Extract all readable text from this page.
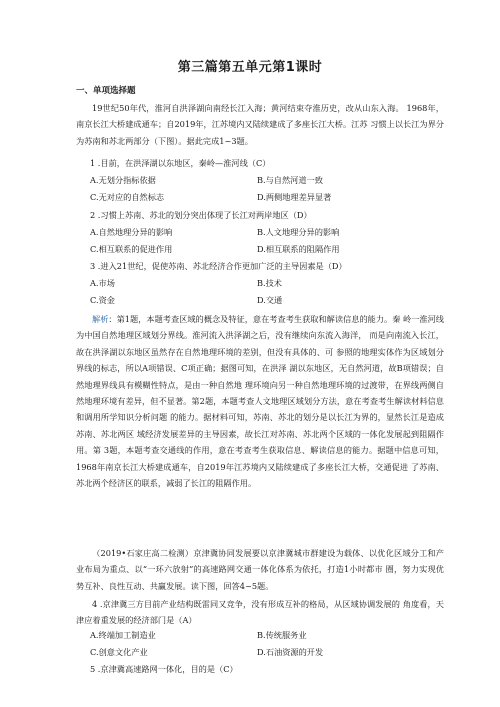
第三篇第五单元第1课时
一、单项选择题

19世纪50年代，淮河自洪泽湖向南经长江入海；黄河结束夺淮历史，改从山东入海。 1968年，南京长江大桥建成通车；自2019年，江苏境内又陆续建成了多座长江大桥。江苏 习惯上以长江为界分为苏南和苏北两部分（下图）。据此完成1~3题。

1 .目前，在洪泽湖以东地区，秦岭—淮河线（C）
A.无划分指标依据	B.与自然河道一致
C.无对应的自然标志	D.两侧地理差异显著
2 .习惯上苏南、苏北的划分突出体现了长江对两岸地区（D）
A.自然地理分异的影响	B.人文地理分异的影响
C.相互联系的促进作用	D.相互联系的阻隔作用
3 .进入21世纪，促使苏南、苏北经济合作更加广泛的主导因素是（D）
A.市场	B.技术
C.资金	D.交通

解析：第1题，本题考查区域的概念及特征，意在考查考生获取和解读信息的能力。秦 岭一淮河线为中国自然地理区域划分界线。淮河流入洪泽湖之后，没有继续向东流入海洋， 而是向南流入长江，故在洪泽湖以东地区虽然存在自然地理环境的差别，但没有具体的、可 参照的地理实体作为区域划分界线的标志，所以A项错误、C项正确；据图可知，在洪泽 湖以东地区，无自然河道，故B项错误；自然地理界线具有模糊性特点，是由一种自然地 理环境向另一种自然地理环境的过渡带，在界线两侧自然地理环境有差异，但不显著。第2题，本题考查人文地理区域划分方法，意在考查考生解读材料信息和调用所学知识分析问题 的能力。据材料可知，苏南、苏北的划分是以长江为界的，显然长江是造成苏南、苏北两区 域经济发展差异的主导因素，故长江对苏南、苏北两个区域的一体化发展起到阻隔作用。第 3题，本题考查交通线的作用，意在考查考生获取信息、解读信息的能力。据题中信息可知， 1968年南京长江大桥建成通车，自2019年江苏境内又陆续建成了多座长江大桥，交通促进 了苏南、苏北两个经济区的联系，减弱了长江的阻隔作用。

（2019•石家庄高二检测）京津冀协同发展要以京津冀城市群建设为载体、以优化区域分工和产业布局为重点、以“一环六放射”的高速路网交通一体化体系为依托，打造1小时都市 圈，努力实现优势互补、良性互动、共赢发展。读下图，回答4~5题。

4 .京津冀三方目前产业结构既雷同又竞争，没有形成互补的格局，从区域协调发展的 角度看，天津应着重发展的经济部门是（A）

A.终端加工制造业	B.传统服务业
C.创意文化产业	D.石油资源的开发
5 .京津冀高速路网一体化，目的是（C）
